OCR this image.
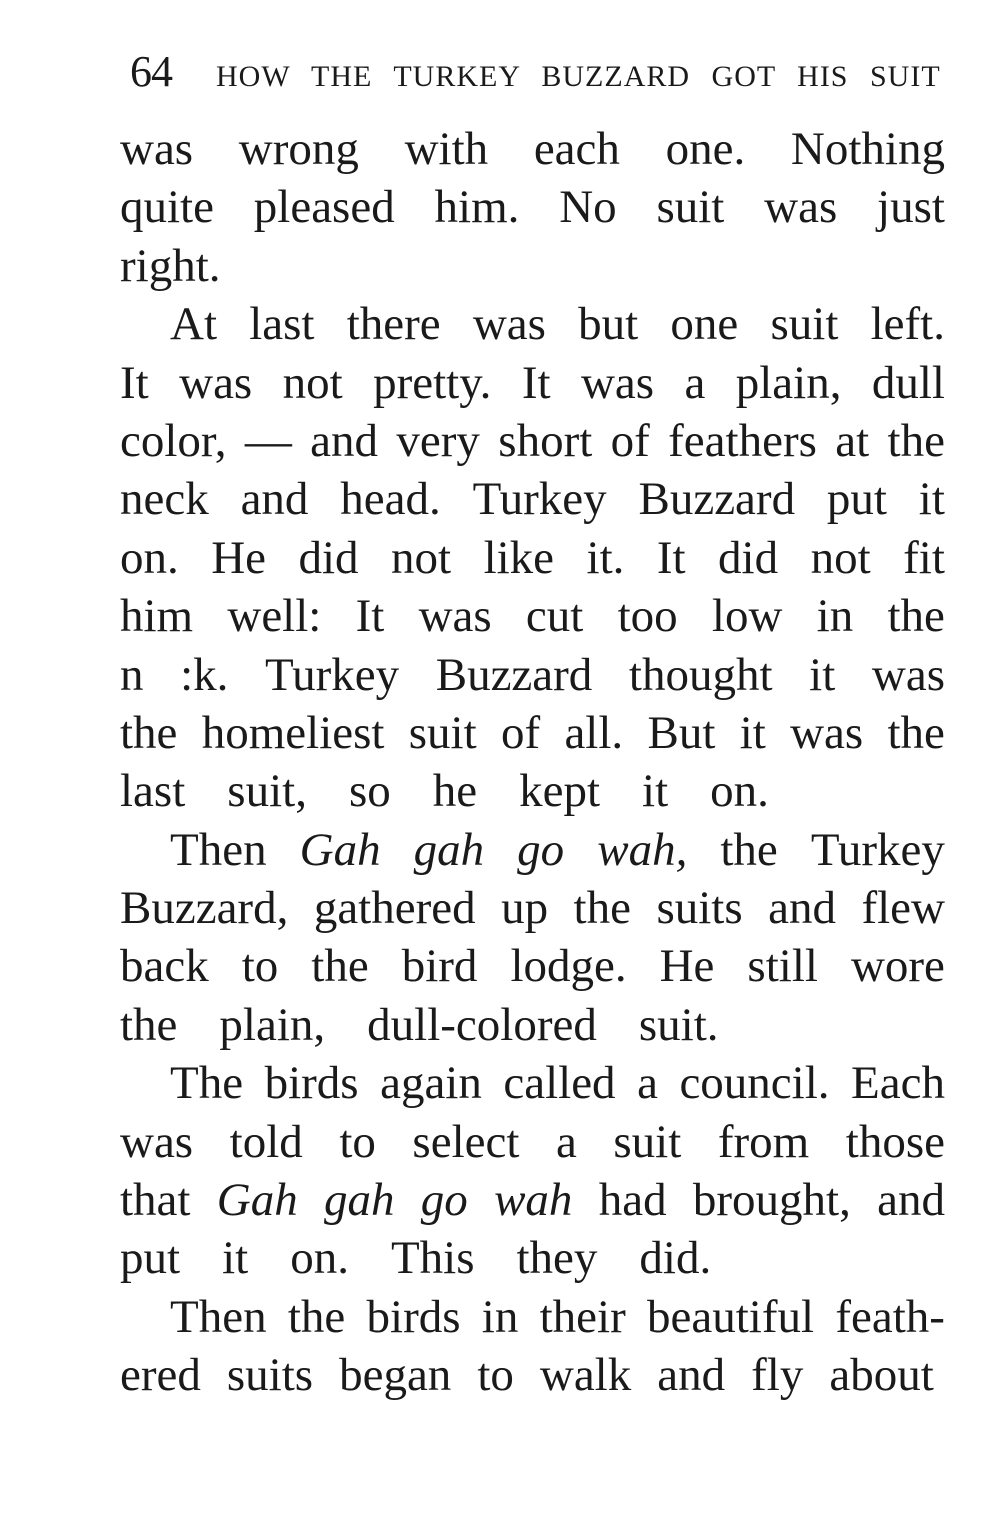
64 HOW THE TURKEY BUZZARD GOT HIS SUIT
was wrong with each one. Nothing
quite pleased him. No suit was just
right.
At last there was but one suit left.
It was not pretty. It was a plain, dull
color, — and very short of feathers at the
neck and head. Turkey Buzzard put it
on. He did not like it. It did not fit
him well: It was cut too low in the
n :k. Turkey Buzzard thought it was
the homeliest suit of all. But it was the
last suit, so he kept it on.
Then Gah gah go wah, the Turkey
Buzzard, gathered up the suits and flew
back to the bird lodge. He still wore
the plain, dull-colored suit.
The birds again called a council. Each
was told to select a suit from those
that Gah gah go wah had brought, and
put it on. This they did.
Then the birds in their beautiful feath-
ered suits began to walk and fly about
